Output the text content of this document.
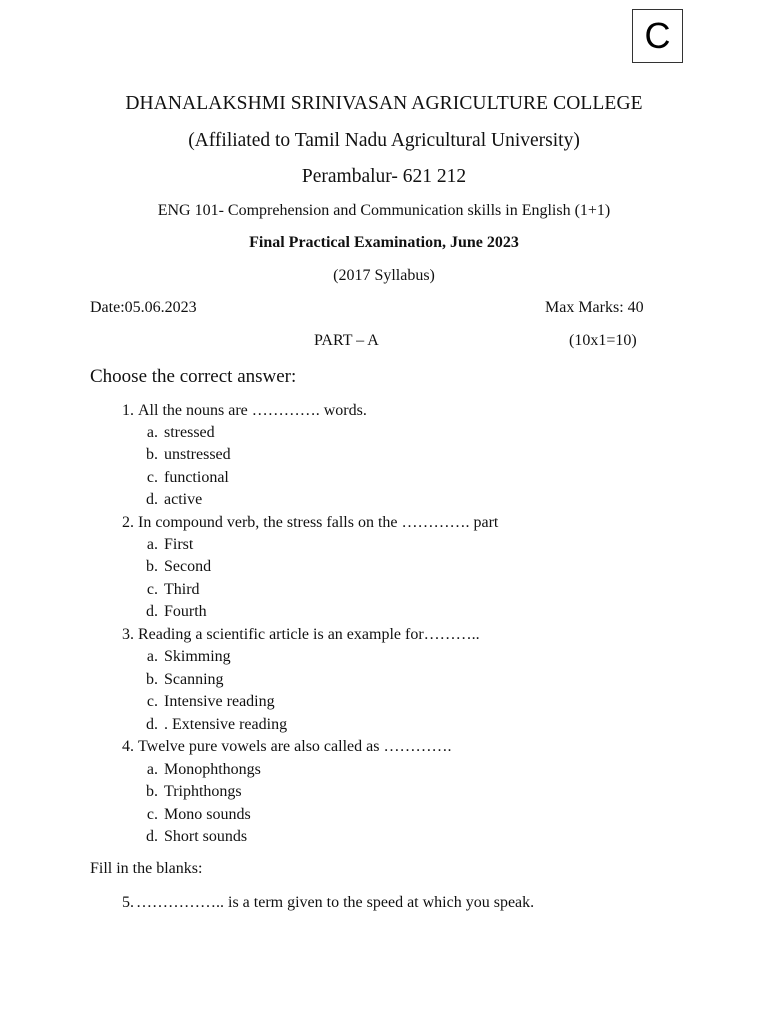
C
DHANALAKSHMI SRINIVASAN AGRICULTURE COLLEGE
(Affiliated to Tamil Nadu Agricultural University)
Perambalur- 621 212
ENG 101- Comprehension and Communication skills in English (1+1)
Final Practical Examination, June 2023
(2017 Syllabus)
Date:05.06.2023	Max Marks: 40
PART – A	(10x1=10)
Choose the correct answer:
1. All the nouns are …………. words.
a. stressed
b. unstressed
c. functional
d. active
2. In compound verb, the stress falls on the …………. part
a. First
b. Second
c. Third
d. Fourth
3. Reading a scientific article is an example for………..
a. Skimming
b. Scanning
c. Intensive reading
d. . Extensive reading
4. Twelve pure vowels are also called as ………….
a. Monophthongs
b. Triphthongs
c. Mono sounds
d. Short sounds
Fill in the blanks:
5. …………….. is a term given to the speed at which you speak.
